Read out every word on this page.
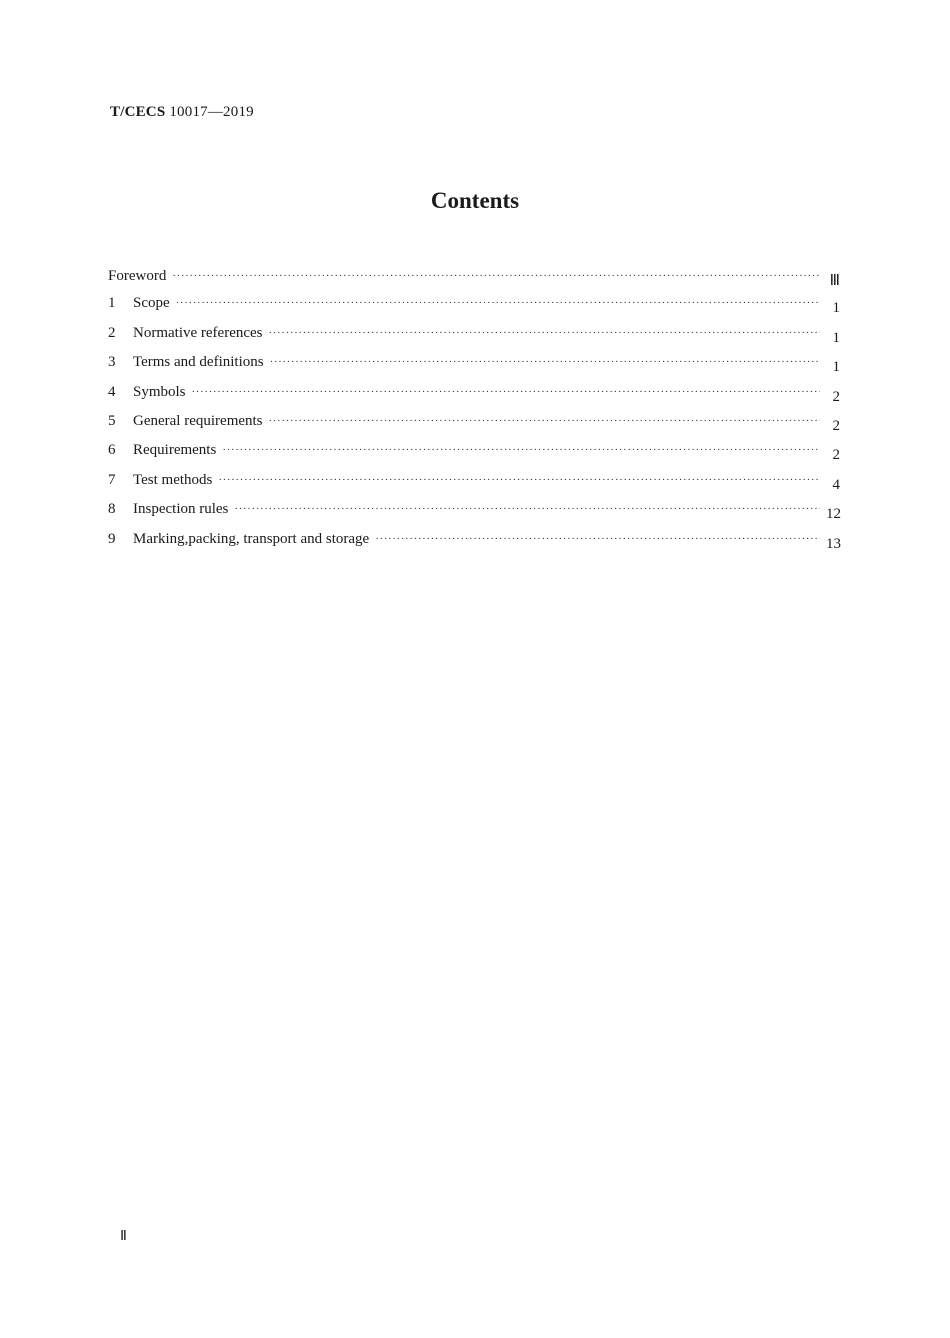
T/CECS 10017—2019
Contents
Foreword ·····	Ⅲ
1	Scope ·····	1
2	Normative references ·····	1
3	Terms and definitions ·····	1
4	Symbols ·····	2
5	General requirements ·····	2
6	Requirements ·····	2
7	Test methods ·····	4
8	Inspection rules ·····	12
9	Marking,packing, transport and storage ·····	13
Ⅱ
